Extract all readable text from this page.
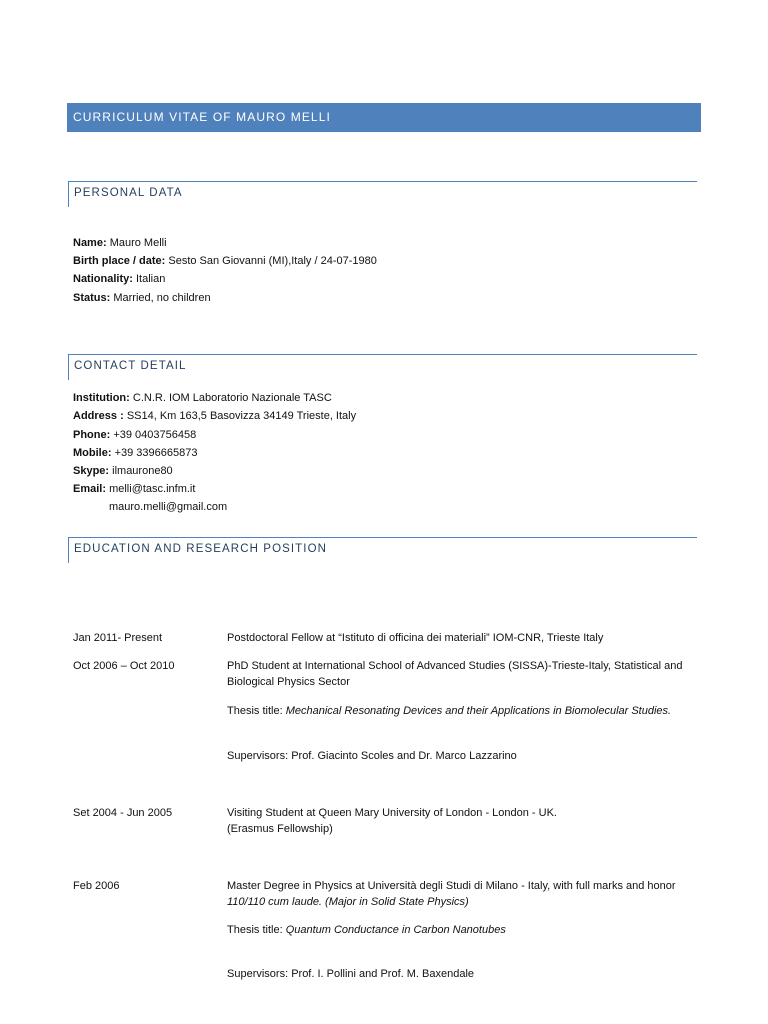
CURRICULUM VITAE OF MAURO MELLI
PERSONAL DATA
Name: Mauro Melli
Birth place / date: Sesto San Giovanni (MI),Italy / 24-07-1980
Nationality: Italian
Status: Married, no children
CONTACT DETAIL
Institution: C.N.R. IOM Laboratorio Nazionale TASC
Address : SS14, Km 163,5 Basovizza 34149 Trieste, Italy
Phone: +39 0403756458
Mobile: +39 3396665873
Skype: ilmaurone80
Email: melli@tasc.infm.it
mauro.melli@gmail.com
EDUCATION AND RESEARCH POSITION
Jan 2011- Present	Postdoctoral Fellow at “Istituto di officina dei materiali” IOM-CNR, Trieste Italy
Oct 2006 – Oct 2010	PhD Student at International School of Advanced Studies (SISSA)-Trieste-Italy, Statistical and Biological Physics Sector
Thesis title: Mechanical Resonating Devices and their Applications in Biomolecular Studies.
Supervisors: Prof. Giacinto Scoles and Dr. Marco Lazzarino
Set 2004 - Jun 2005	Visiting Student at Queen Mary University of London - London - UK.
(Erasmus Fellowship)
Feb 2006	Master Degree in Physics at Università degli Studi di Milano - Italy, with full marks and honor 110/110 cum laude. (Major in Solid State Physics)
Thesis title: Quantum Conductance in Carbon Nanotubes
Supervisors: Prof. I. Pollini and Prof. M. Baxendale
